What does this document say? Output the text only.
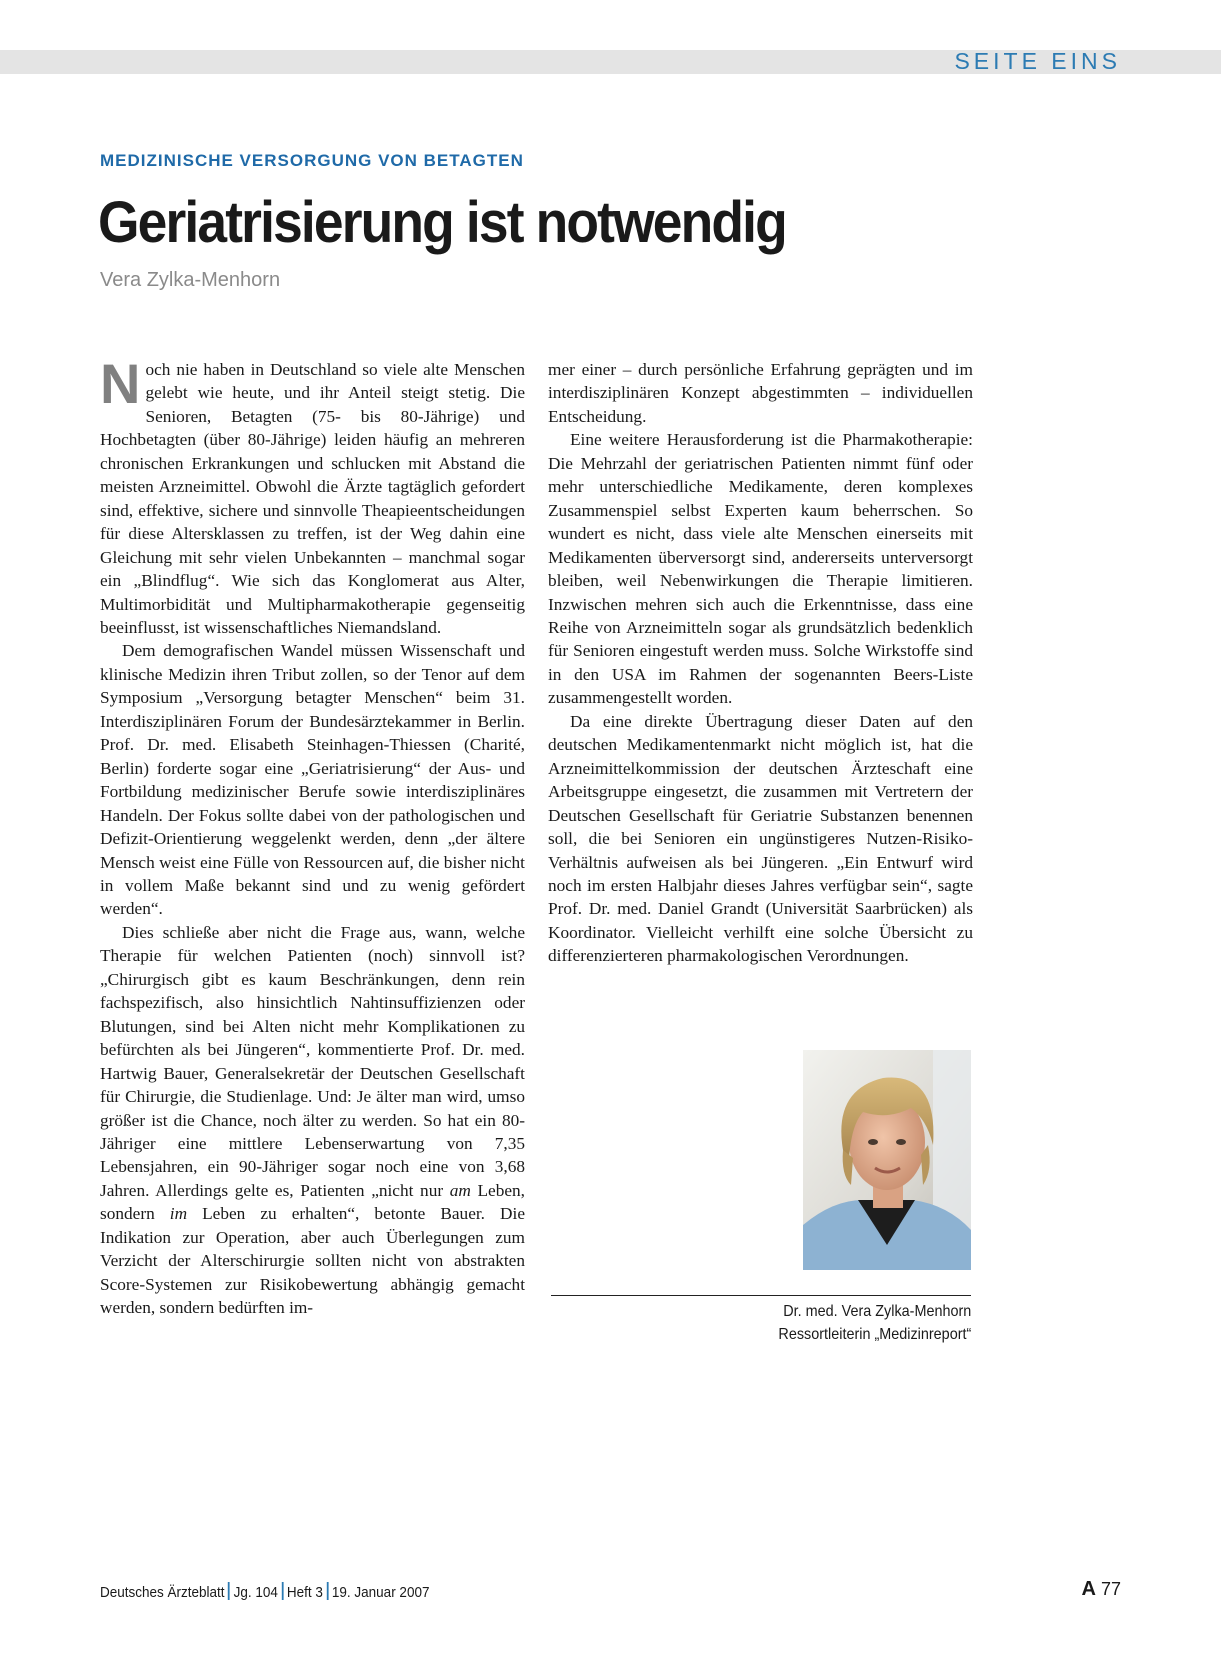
SEITE EINS
MEDIZINISCHE VERSORGUNG VON BETAGTEN
Geriatrisierung ist notwendig
Vera Zylka-Menhorn

Noch nie haben in Deutschland so viele alte Menschen gelebt wie heute, und ihr Anteil steigt stetig. Die Senioren, Betagten (75- bis 80-Jährige) und Hochbetagten (über 80-Jährige) leiden häufig an mehreren chronischen Erkrankungen und schlucken mit Abstand die meisten Arzneimittel. Obwohl die Ärzte tagtäglich gefordert sind, effektive, sichere und sinnvolle Theapieentscheidungen für diese Altersklassen zu treffen, ist der Weg dahin eine Gleichung mit sehr vielen Unbekannten – manchmal sogar ein „Blindflug“. Wie sich das Konglomerat aus Alter, Multimorbidität und Multipharmakotherapie gegenseitig beeinflusst, ist wissenschaftliches Niemandsland.

Dem demografischen Wandel müssen Wissenschaft und klinische Medizin ihren Tribut zollen, so der Tenor auf dem Symposium „Versorgung betagter Menschen“ beim 31. Interdisziplinären Forum der Bundesärztekammer in Berlin. Prof. Dr. med. Elisabeth Steinhagen-Thiessen (Charité, Berlin) forderte sogar eine „Geriatrisierung“ der Aus- und Fortbildung medizinischer Berufe sowie interdisziplinäres Handeln. Der Fokus sollte dabei von der pathologischen und Defizit-Orientierung weggelenkt werden, denn „der ältere Mensch weist eine Fülle von Ressourcen auf, die bisher nicht in vollem Maße bekannt sind und zu wenig gefördert werden“.

Dies schließe aber nicht die Frage aus, wann, welche Therapie für welchen Patienten (noch) sinnvoll ist? „Chirurgisch gibt es kaum Beschränkungen, denn rein fachspezifisch, also hinsichtlich Nahtinsuffizienzen oder Blutungen, sind bei Alten nicht mehr Komplikationen zu befürchten als bei Jüngeren“, kommentierte Prof. Dr. med. Hartwig Bauer, Generalsekretär der Deutschen Gesellschaft für Chirurgie, die Studienlage. Und: Je älter man wird, umso größer ist die Chance, noch älter zu werden. So hat ein 80-Jähriger eine mittlere Lebenserwartung von 7,35 Lebensjahren, ein 90-Jähriger sogar noch eine von 3,68 Jahren. Allerdings gelte es, Patienten „nicht nur am Leben, sondern im Leben zu erhalten“, betonte Bauer. Die Indikation zur Operation, aber auch Überlegungen zum Verzicht der Alterschirurgie sollten nicht von abstrakten Score-Systemen zur Risikobewertung abhängig gemacht werden, sondern bedürften im-

mer einer – durch persönliche Erfahrung geprägten und im interdisziplinären Konzept abgestimmten – individuellen Entscheidung.

Eine weitere Herausforderung ist die Pharmakotherapie: Die Mehrzahl der geriatrischen Patienten nimmt fünf oder mehr unterschiedliche Medikamente, deren komplexes Zusammenspiel selbst Experten kaum beherrschen. So wundert es nicht, dass viele alte Menschen einerseits mit Medikamenten überversorgt sind, andererseits unterversorgt bleiben, weil Nebenwirkungen die Therapie limitieren. Inzwischen mehren sich auch die Erkenntnisse, dass eine Reihe von Arzneimitteln sogar als grundsätzlich bedenklich für Senioren eingestuft werden muss. Solche Wirkstoffe sind in den USA im Rahmen der sogenannten Beers-Liste zusammengestellt worden.

Da eine direkte Übertragung dieser Daten auf den deutschen Medikamentenmarkt nicht möglich ist, hat die Arzneimittelkommission der deutschen Ärzteschaft eine Arbeitsgruppe eingesetzt, die zusammen mit Vertretern der Deutschen Gesellschaft für Geriatrie Substanzen benennen soll, die bei Senioren ein ungünstigeres Nutzen-Risiko-Verhältnis aufweisen als bei Jüngeren. „Ein Entwurf wird noch im ersten Halbjahr dieses Jahres verfügbar sein“, sagte Prof. Dr. med. Daniel Grandt (Universität Saarbrücken) als Koordinator. Vielleicht verhilft eine solche Übersicht zu differenzierteren pharmakologischen Verordnungen.

Dr. med. Vera Zylka-Menhorn
Ressortleiterin „Medizinreport“
Deutsches Ärzteblatt Jg. 104 Heft 3 19. Januar 2007	A 77
